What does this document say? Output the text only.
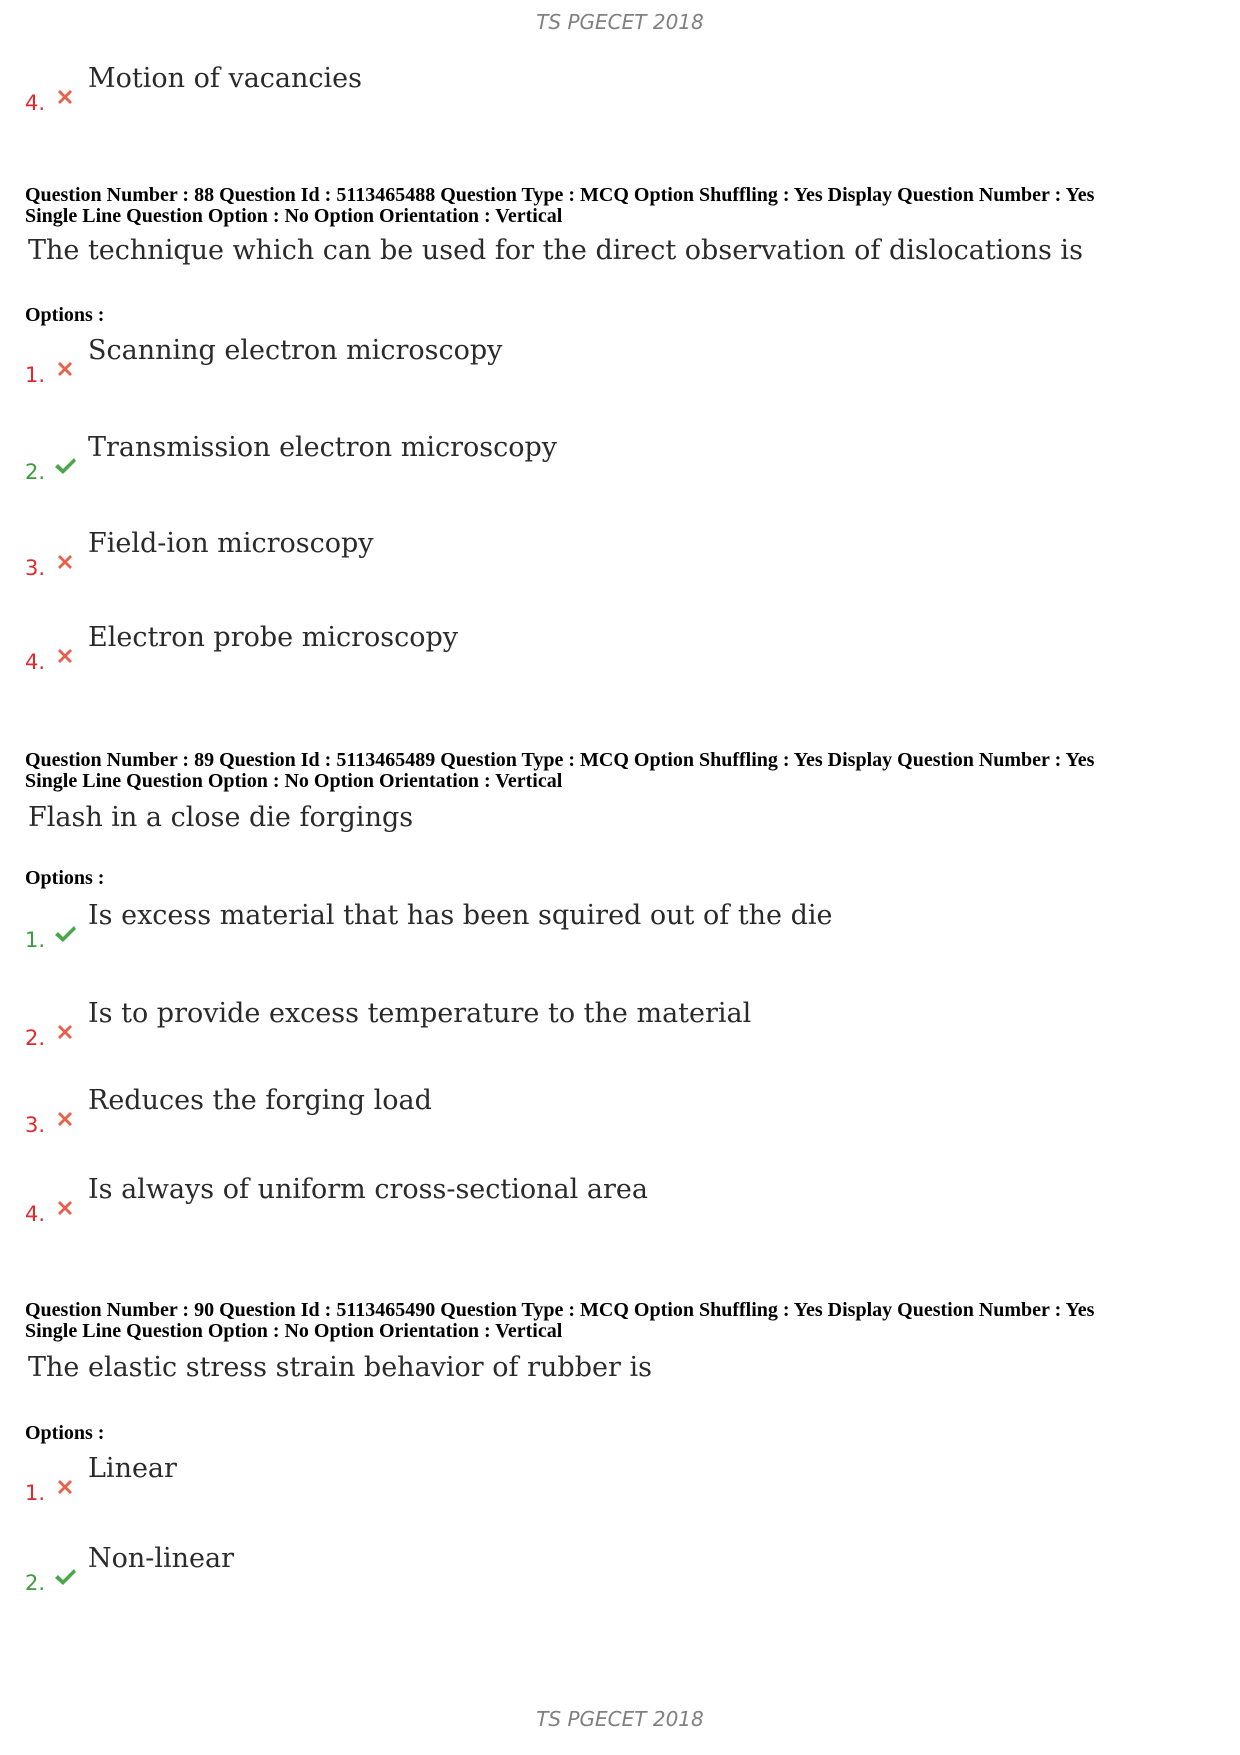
TS PGECET 2018
4.
Motion of vacancies
Question Number : 88 Question Id : 5113465488 Question Type : MCQ Option Shuffling : Yes Display Question Number : Yes
Single Line Question Option : No Option Orientation : Vertical
The technique which can be used for the direct observation of dislocations is
Options :
1.
Scanning electron microscopy
2.
Transmission electron microscopy
3.
Field-ion microscopy
4.
Electron probe microscopy
Question Number : 89 Question Id : 5113465489 Question Type : MCQ Option Shuffling : Yes Display Question Number : Yes
Single Line Question Option : No Option Orientation : Vertical
Flash in a close die forgings
Options :
1.
Is excess material that has been squired out of the die
2.
Is to provide excess temperature to the material
3.
Reduces the forging load
4.
Is always of uniform cross-sectional area
Question Number : 90 Question Id : 5113465490 Question Type : MCQ Option Shuffling : Yes Display Question Number : Yes
Single Line Question Option : No Option Orientation : Vertical
The elastic stress strain behavior of rubber is
Options :
1.
Linear
2.
Non-linear
TS PGECET 2018
